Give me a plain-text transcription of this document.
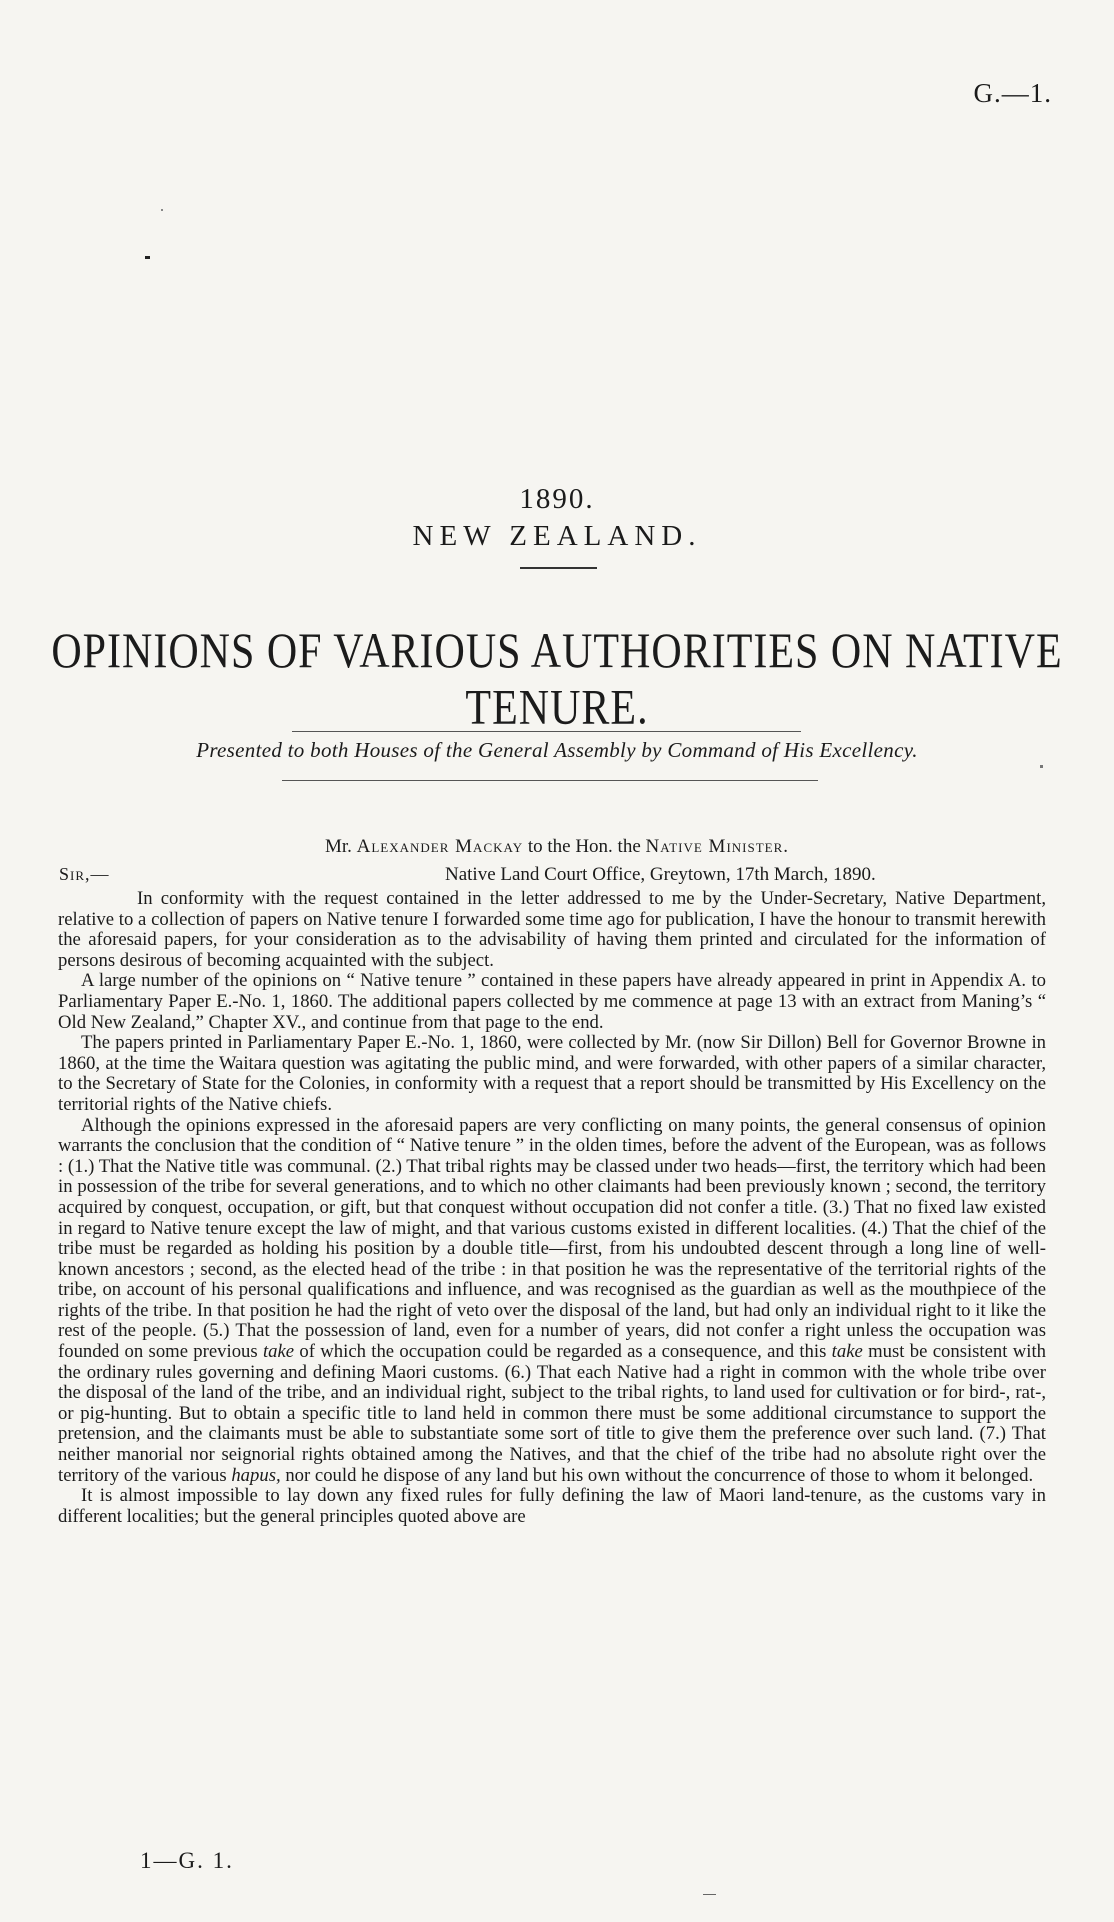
G.—1.
1890.
NEW ZEALAND.
OPINIONS OF VARIOUS AUTHORITIES ON NATIVE TENURE.
Presented to both Houses of the General Assembly by Command of His Excellency.
Mr. Alexander Mackay to the Hon. the Native Minister.
Sir,—	Native Land Court Office, Greytown, 17th March, 1890.

In conformity with the request contained in the letter addressed to me by the Under-Secretary, Native Department, relative to a collection of papers on Native tenure I forwarded some time ago for publication, I have the honour to transmit herewith the aforesaid papers, for your consideration as to the advisability of having them printed and circulated for the information of persons desirous of becoming acquainted with the subject.

A large number of the opinions on “ Native tenure ” contained in these papers have already appeared in print in Appendix A. to Parliamentary Paper E.-No. 1, 1860. The additional papers collected by me commence at page 13 with an extract from Maning’s “ Old New Zealand,” Chapter XV., and continue from that page to the end.

The papers printed in Parliamentary Paper E.-No. 1, 1860, were collected by Mr. (now Sir Dillon) Bell for Governor Browne in 1860, at the time the Waitara question was agitating the public mind, and were forwarded, with other papers of a similar character, to the Secretary of State for the Colonies, in conformity with a request that a report should be transmitted by His Excellency on the territorial rights of the Native chiefs.

Although the opinions expressed in the aforesaid papers are very conflicting on many points, the general consensus of opinion warrants the conclusion that the condition of “ Native tenure ” in the olden times, before the advent of the European, was as follows : (1.) That the Native title was communal. (2.) That tribal rights may be classed under two heads—first, the territory which had been in possession of the tribe for several generations, and to which no other claimants had been previously known ; second, the territory acquired by conquest, occupation, or gift, but that conquest without occupation did not confer a title. (3.) That no fixed law existed in regard to Native tenure except the law of might, and that various customs existed in different localities. (4.) That the chief of the tribe must be regarded as holding his position by a double title—first, from his undoubted descent through a long line of well-known ancestors ; second, as the elected head of the tribe : in that position he was the representative of the territorial rights of the tribe, on account of his personal qualifications and influence, and was recognised as the guardian as well as the mouthpiece of the rights of the tribe. In that position he had the right of veto over the disposal of the land, but had only an individual right to it like the rest of the people. (5.) That the possession of land, even for a number of years, did not confer a right unless the occupation was founded on some previous take of which the occupation could be regarded as a consequence, and this take must be consistent with the ordinary rules governing and defining Maori customs. (6.) That each Native had a right in common with the whole tribe over the disposal of the land of the tribe, and an individual right, subject to the tribal rights, to land used for cultivation or for bird-, rat-, or pig-hunting. But to obtain a specific title to land held in common there must be some additional circumstance to support the pretension, and the claimants must be able to substantiate some sort of title to give them the preference over such land. (7.) That neither manorial nor seignorial rights obtained among the Natives, and that the chief of the tribe had no absolute right over the territory of the various hapus, nor could he dispose of any land but his own without the concurrence of those to whom it belonged.

It is almost impossible to lay down any fixed rules for fully defining the law of Maori land-tenure, as the customs vary in different localities; but the general principles quoted above are

1—G. 1.
